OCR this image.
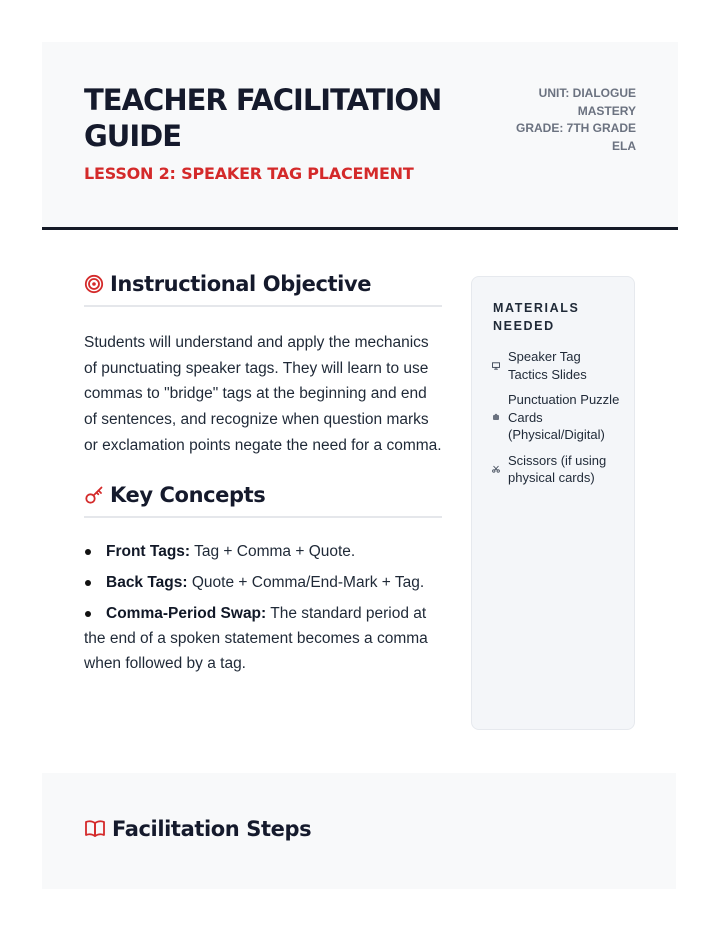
TEACHER FACILITATION GUIDE

LESSON 2: SPEAKER TAG PLACEMENT

UNIT: DIALOGUE
MASTERY
GRADE: 7TH GRADE
ELA
Instructional Objective

Students will understand and apply the mechanics of punctuating speaker tags. They will learn to use commas to "bridge" tags at the beginning and end of sentences, and recognize when question marks or exclamation points negate the need for a comma.

Key Concepts
Front Tags: Tag + Comma + Quote.
Back Tags: Quote + Comma/End-Mark + Tag.
Comma-Period Swap: The standard period at the end of a spoken statement becomes a comma when followed by a tag.
MATERIALS NEEDED
Speaker Tag Tactics Slides
Punctuation Puzzle Cards (Physical/Digital)
Scissors (if using physical cards)
Facilitation Steps
